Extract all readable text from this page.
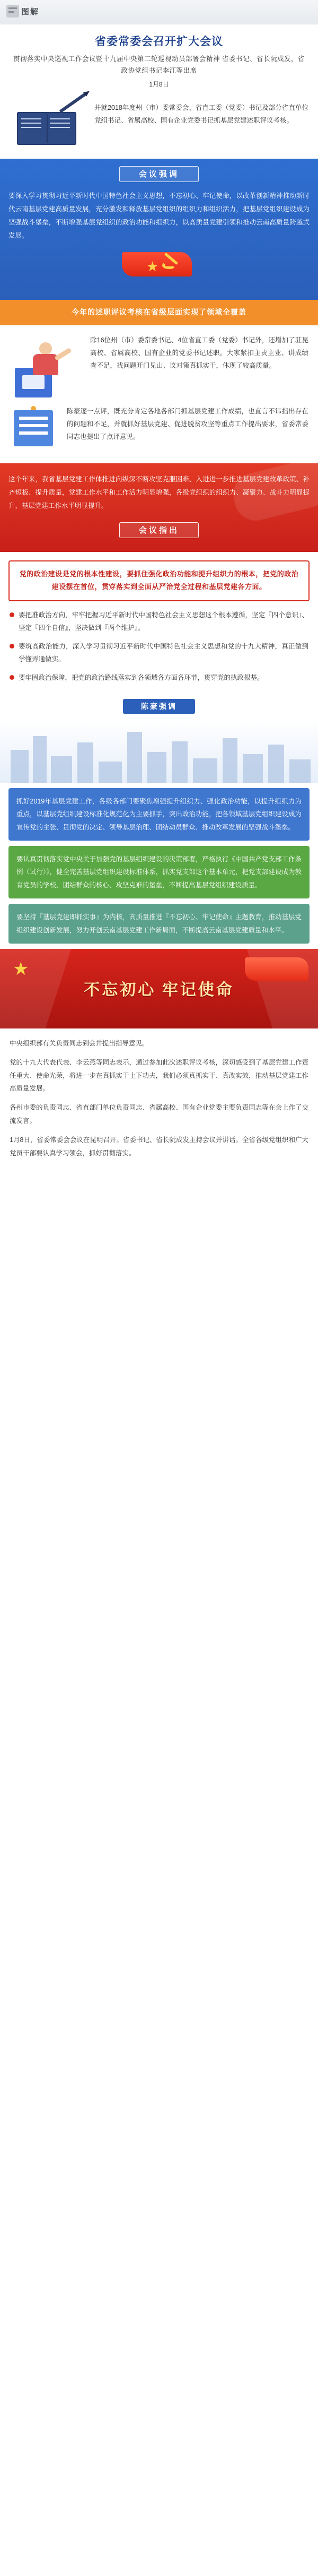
图解
省委常委会召开扩大会议
贯彻落实中央巡视工作会议暨十九届中央第二轮巡视动员部署会精神 省委书记、省长阮成发，省政协党组书记李江等出席
1月8日
并就2018年度州（市）委常委会、省直工委（党委）书记及部分省直单位党组书记、省属高校、国有企业党委书记抓基层党建述职评议考核。
会议强调
要深入学习贯彻习近平新时代中国特色社会主义思想，不忘初心、牢记使命，以改革创新精神推动新时代云南基层党建高质量发展，充分激发和释放基层党组织的组织力和组织活力，把基层党组织建设成为坚强战斗堡垒，不断增强基层党组织的政治功能和组织力，以高质量党建引领和推动云南高质量跨越式发展。
★
今年的述职评议考核在省级层面实现了领域全覆盖
除16位州（市）委常委书记、4位省直工委（党委）书记外，还增加了驻昆高校、省属高校、国有企业的党委书记述职。大家紧扣主责主业、讲成绩查不足，找问题开门见山、议对策真抓实干，体现了较高质量。
陈豪逐一点评，既充分肯定各地各部门抓基层党建工作成绩，也直言不讳指出存在的问题和不足，并就抓好基层党建、促进脱贫攻坚等重点工作提出要求，省委常委同志也提出了点评意见。
这个年来，我省基层党建工作体推进向纵深不断攻坚克服困难、入进进一步推进基层党建改革政策、补齐短板、提升质量，党建工作水平和工作活力明显增强，各级党组织的组织力、凝聚力、战斗力明显提升，基层党建工作水平明显提升。
会议指出
党的政治建设是党的根本性建设，要抓住强化政治功能和提升组织力的根本，把党的政治建设摆在首位，贯穿落实到全面从严治党全过程和基层党建各方面。
要把准政治方向，牢牢把握习近平新时代中国特色社会主义思想这个根本遵循，坚定『四个意识』、坚定『四个自信』，坚决做到『两个维护』。
要筑高政治能力，深入学习贯彻习近平新时代中国特色社会主义思想和党的十九大精神，真正做到学懂弄通做实。
要牢固政治保障，把党的政治路线落实到各领域各方面各环节，贯穿党的执政根基。
陈豪强调
抓好2019年基层党建工作，各级各部门要聚焦增强提升组织力、强化政治功能，以提升组织力为重点，以基层党组织建设标准化规范化为主要抓手，突出政治功能，把各领域基层党组织建设成为宣传党的主张、贯彻党的决定、领导基层治理、团结动员群众、推动改革发展的坚强战斗堡垒。
要认真贯彻落实党中央关于加强党的基层组织建设的决策部署，严格执行《中国共产党支部工作条例（试行）》，健全完善基层党组织建设标准体系，抓实党支部这个基本单元，把党支部建设成为教育党员的学校、团结群众的核心、攻坚克难的堡垒，不断提高基层党组织建设质量。
要坚持『基层党建即抓实事』为内核，高质量推进『不忘初心、牢记使命』主题教育，推动基层党组织建设创新发展，努力开创云南基层党建工作新局面，不断提高云南基层党建质量和水平。
★
不忘初心 牢记使命

中央组织部有关负责同志到会并提出指导意见。

党的十九大代表代表、李云燕等同志表示，通过参加此次述职评议考核，深切感受到了基层党建工作责任重大、使命光荣，将进一步在真抓实干上下功夫，我们必须真抓实干、真改实效，推动基层党建工作高质量发展。

各州市委的负责同志、省直部门单位负责同志、省属高校、国有企业党委主要负责同志等在会上作了交流发言。

1月8日，省委常委会会议在昆明召开。省委书记、省长阮成发主持会议并讲话。全省各级党组织和广大党员干部要认真学习领会，抓好贯彻落实。
